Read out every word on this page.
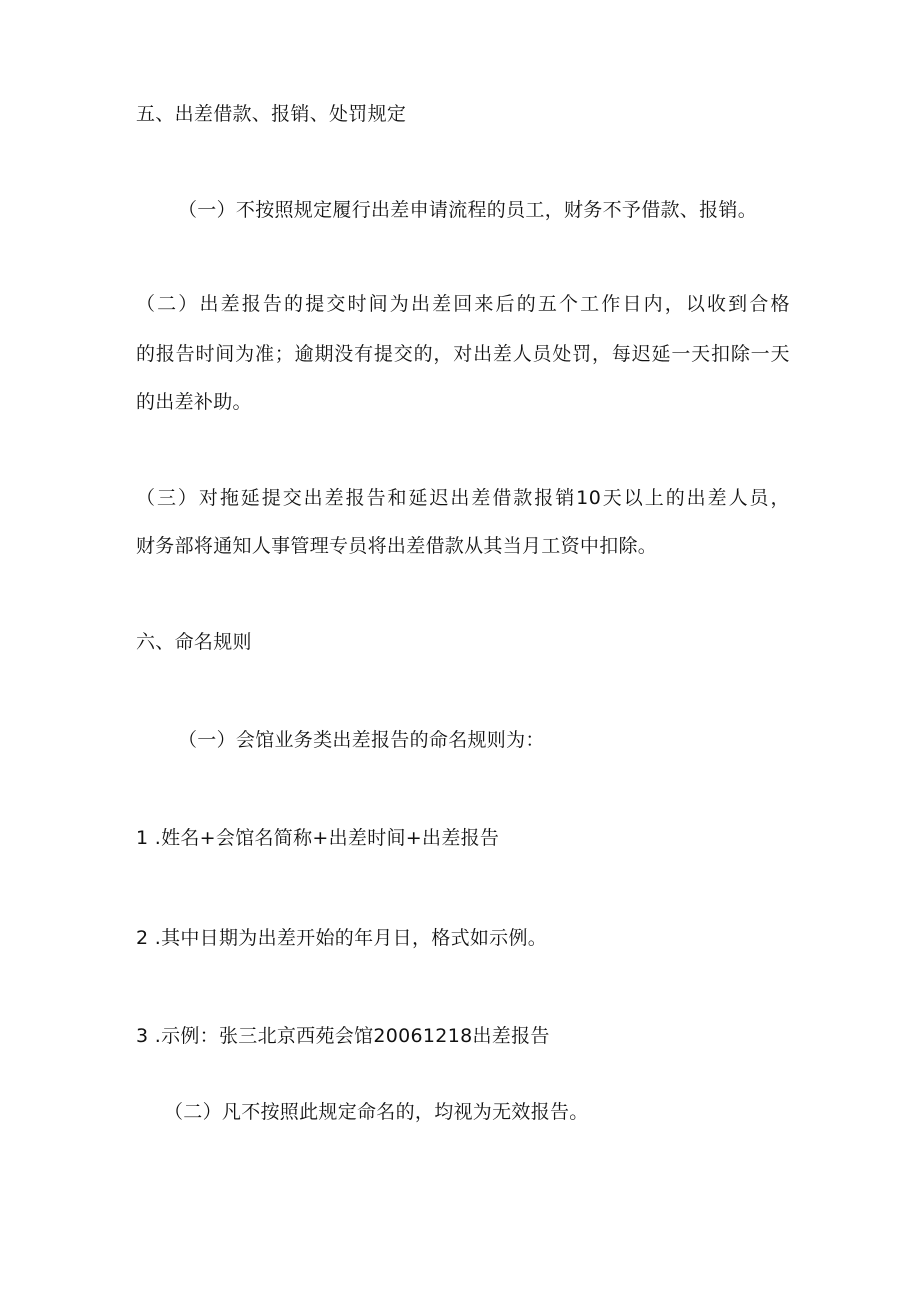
五、出差借款、报销、处罚规定
（一）不按照规定履行出差申请流程的员工，财务不予借款、报销。
（二）出差报告的提交时间为出差回来后的五个工作日内，以收到合格
的报告时间为准；逾期没有提交的，对出差人员处罚，每迟延一天扣除一天
的出差补助。
（三）对拖延提交出差报告和延迟出差借款报销10天以上的出差人员，
财务部将通知人事管理专员将出差借款从其当月工资中扣除。
六、命名规则
（一）会馆业务类出差报告的命名规则为：
1 .姓名+会馆名简称+出差时间+出差报告
2 .其中日期为出差开始的年月日，格式如示例。
3 .示例：张三北京西苑会馆20061218出差报告
（二）凡不按照此规定命名的，均视为无效报告。
